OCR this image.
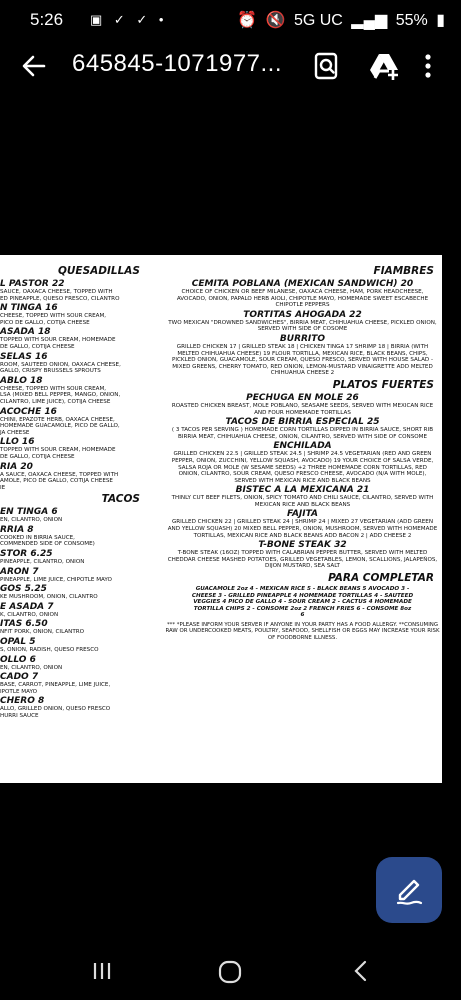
5:26 ▣ ✓ ✓ •	⏰ 🔇 5G UC ▂▄▆ 55% ▮
645845-1071977...
QUESADILLAS
L PASTOR 22
SAUCE, OAXACA CHEESE, TOPPED WITH
ED PINEAPPLE, QUESO FRESCO, CILANTRO
N TINGA 16
CHEESE, TOPPED WITH SOUR CREAM,
PICO DE GALLO, COTIJA CHEESE
ASADA 18
TOPPED WITH SOUR CREAM, HOMEMADE
DE GALLO, COTIJA CHEESE
SELAS 16
ROOM, SAUTEED ONION, OAXACA CHEESE,
GALLO, CRISPY BRUSSELS SPROUTS
ABLO 18
CHEESE, TOPPED WITH SOUR CREAM,
LSA (MIXED BELL PEPPER, MANGO, ONION,
CILANTRO, LIME JUICE), COTIJA CHEESE
ACOCHE 16
CHINI, EPAZOTE HERB, OAXACA CHEESE,
HOMEMADE GUACAMOLE, PICO DE GALLO,
JA CHEESE
LLO 16
TOPPED WITH SOUR CREAM, HOMEMADE
DE GALLO, COTIJA CHEESE
RIA 20
A SAUCE, OAXACA CHEESE, TOPPED WITH
AMOLE, PICO DE GALLO, COTIJA CHEESE
IE
TACOS
EN TINGA 6
EN, CILANTRO, ONION
RRIA 8
COOKED IN BIRRIA SAUCE,
COMMENDED SIDE OF CONSOME)
STOR 6.25
PINEAPPLE, CILANTRO, ONION
ARON 7
PINEAPPLE, LIME JUICE, CHIPOTLE MAYO
GOS 5.25
KE MUSHROOM, ONION, CILANTRO
E ASADA 7
K, CILANTRO, ONION
ITAS 6.50
NFIT PORK, ONION, CILANTRO
OPAL 5
S, ONION, RADISH, QUESO FRESCO
OLLO 6
EN, CILANTRO, ONION
CADO 7
BASE, CARROT, PINEAPPLE, LIME JUICE,
IPOTLE MAYO
CHERO 8
ALLO, GRILLED ONION, QUESO FRESCO
HURRI SAUCE
FIAMBRES
CEMITA POBLANA (MEXICAN SANDWICH) 20
CHOICE OF CHICKEN OR BEEF MILANESE, OAXACA CHEESE, HAM, PORK HEADCHEESE, AVOCADO, ONION, PAPALO HERB AIOLI, CHIPOTLE MAYO, HOMEMADE SWEET ESCABECHE CHIPOTLE PEPPERS
TORTITAS AHOGADA 22
TWO MEXICAN "DROWNED SANDWICHES", BIRRIA MEAT, CHIHUAHUA CHEESE, PICKLED ONION, SERVED WITH SIDE OF COSOME
BURRITO
GRILLED CHICKEN 17 | GRILLED STEAK 18 | CHICKEN TINGA 17 SHRIMP 18 | BIRRIA (WITH MELTED CHIHUAHUA CHEESE) 19 FLOUR TORTILLA, MEXICAN RICE, BLACK BEANS, CHIPS, PICKLED ONION, GUACAMOLE, SOUR CREAM, QUESO FRESCO, SERVED WITH HOUSE SALAD - MIXED GREENS, CHERRY TOMATO, RED ONION, LEMON-MUSTARD VINAIGRETTE ADD MELTED CHIHUAHUA CHEESE 2
PLATOS FUERTES
PECHUGA EN MOLE 26
ROASTED CHICKEN BREAST, MOLE POBLANO, SEASAME SEEDS, SERVED WITH MEXICAN RICE AND FOUR HOMEMADE TORTILLAS
TACOS DE BIRRIA ESPECIAL 25
( 3 TACOS PER SERVING ) HOMEMADE CORN TORTILLAS DIPPED IN BIRRIA SAUCE, SHORT RIB BIRRIA MEAT, CHIHUAHUA CHEESE, ONION, CILANTRO, SERVED WITH SIDE OF CONSOME
ENCHILADA
GRILLED CHICKEN 22.5 | GRILLED STEAK 24.5 | SHRIMP 24.5 VEGETARIAN (RED AND GREEN PEPPER, ONION, ZUCCHINI, YELLOW SQUASH, AVOCADO) 19 YOUR CHOICE OF SALSA VERDE, SALSA ROJA OR MOLE (W SESAME SEEDS) +2 THREE HOMEMADE CORN TORTILLAS, RED ONION, CILANTRO, SOUR CREAM, QUESO FRESCO CHEESE, AVOCADO (N/A WITH MOLE), SERVED WITH MEXICAN RICE AND BLACK BEANS
BISTEC A LA MEXICANA 21
THINLY CUT BEEF FILETS, ONION, SPICY TOMATO AND CHILI SAUCE, CILANTRO, SERVED WITH MEXICAN RICE AND BLACK BEANS
FAJITA
GRILLED CHICKEN 22 | GRILLED STEAK 24 | SHRIMP 24 | MIXED 27 VEGETARIAN (ADD GREEN AND YELLOW SQUASH) 20 MIXED BELL PEPPER, ONION, MUSHROOM, SERVED WITH HOMEMADE TORTILLAS, MEXICAN RICE AND BLACK BEANS ADD BACON 2 | ADD CHEESE 2
T-BONE STEAK 32
T-BONE STEAK (16OZ) TOPPED WITH CALABRIAN PEPPER BUTTER, SERVED WITH MELTED CHEDDAR CHEESE MASHED POTATOES, GRILLED VEGETABLES, LEMON, SCALLIONS, JALAPEÑOS, DIJON MUSTARD, SEA SALT
PARA COMPLETAR
GUACAMOLE 2oz 4 - MEXICAN RICE 5 - BLACK BEANS 5 AVOCADO 3 - CHEESE 3 - GRILLED PINEAPPLE 4 HOMEMADE TORTILLAS 4 - SAUTEED VEGGIES 4 PICO DE GALLO 4 - SOUR CREAM 2 - CACTUS 4 HOMEMADE TORTILLA CHIPS 2 - CONSOME 2oz 2 FRENCH FRIES 6 - CONSOME 8oz 6
*** *PLEASE INFORM YOUR SERVER IF ANYONE IN YOUR PARTY HAS A FOOD ALLERGY. **CONSUMING RAW OR UNDERCOOKED MEATS, POULTRY, SEAFOOD, SHELLFISH OR EGGS MAY INCREASE YOUR RISK OF FOODBORNE ILLNESS.
